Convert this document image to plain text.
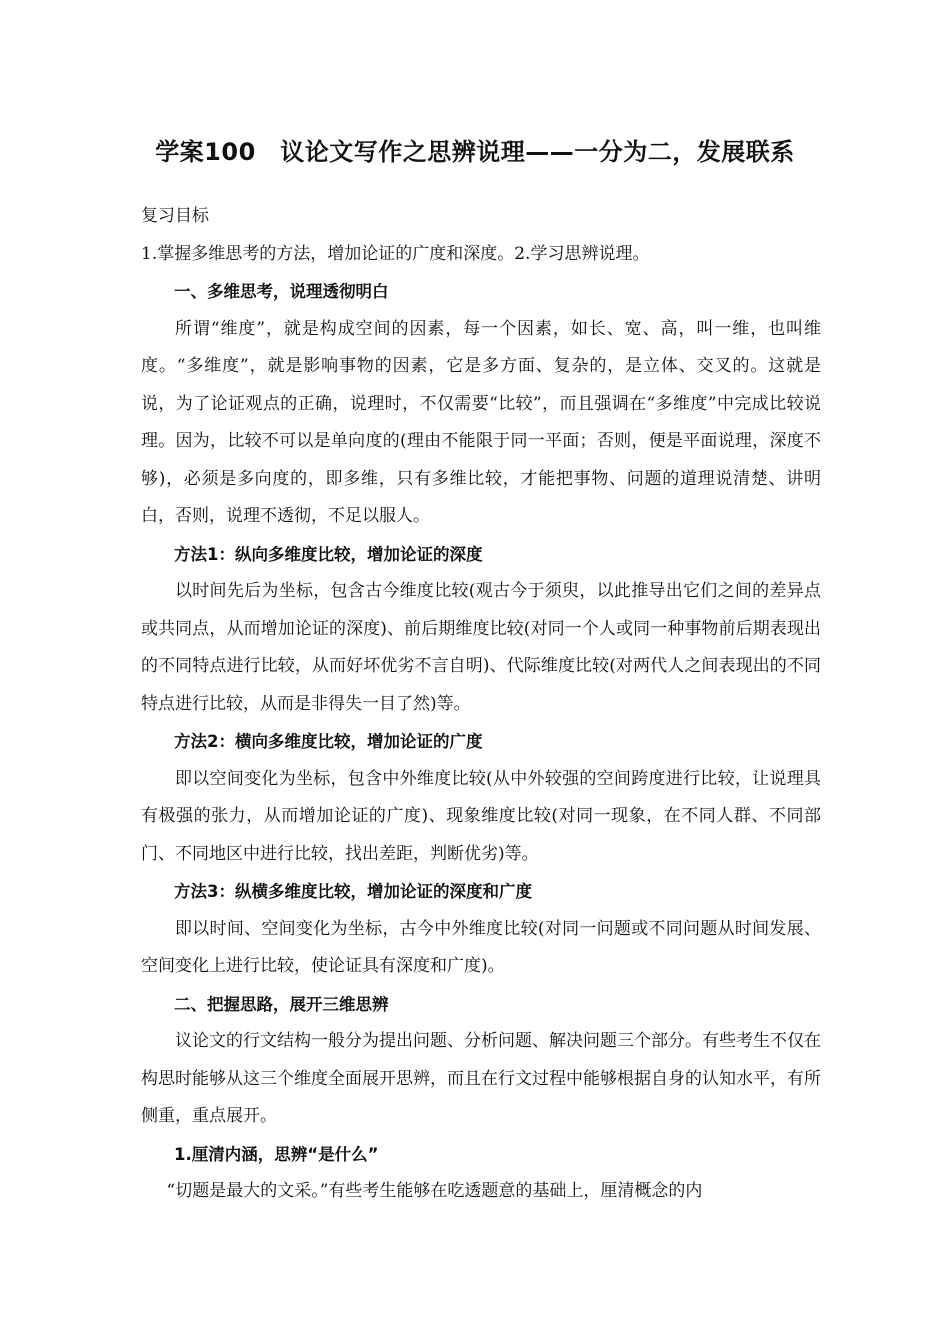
学案100　议论文写作之思辨说理——一分为二，发展联系

复习目标

1.掌握多维思考的方法，增加论证的广度和深度。2.学习思辨说理。

一、多维思考，说理透彻明白

所谓“维度”，就是构成空间的因素，每一个因素，如长、宽、高，叫一维，也叫维度。“多维度”，就是影响事物的因素，它是多方面、复杂的，是立体、交叉的。这就是说，为了论证观点的正确，说理时，不仅需要“比较”，而且强调在“多维度”中完成比较说理。因为，比较不可以是单向度的(理由不能限于同一平面；否则，便是平面说理，深度不够)，必须是多向度的，即多维，只有多维比较，才能把事物、问题的道理说清楚、讲明白，否则，说理不透彻，不足以服人。

方法1：纵向多维度比较，增加论证的深度

以时间先后为坐标，包含古今维度比较(观古今于须臾，以此推导出它们之间的差异点或共同点，从而增加论证的深度)、前后期维度比较(对同一个人或同一种事物前后期表现出的不同特点进行比较，从而好坏优劣不言自明)、代际维度比较(对两代人之间表现出的不同特点进行比较，从而是非得失一目了然)等。

方法2：横向多维度比较，增加论证的广度

即以空间变化为坐标，包含中外维度比较(从中外较强的空间跨度进行比较，让说理具有极强的张力，从而增加论证的广度)、现象维度比较(对同一现象，在不同人群、不同部门、不同地区中进行比较，找出差距，判断优劣)等。

方法3：纵横多维度比较，增加论证的深度和广度

即以时间、空间变化为坐标，古今中外维度比较(对同一问题或不同问题从时间发展、空间变化上进行比较，使论证具有深度和广度)。

二、把握思路，展开三维思辨

议论文的行文结构一般分为提出问题、分析问题、解决问题三个部分。有些考生不仅在构思时能够从这三个维度全面展开思辨，而且在行文过程中能够根据自身的认知水平，有所侧重，重点展开。

1.厘清内涵，思辨“是什么”

“切题是最大的文采。”有些考生能够在吃透题意的基础上，厘清概念的内
